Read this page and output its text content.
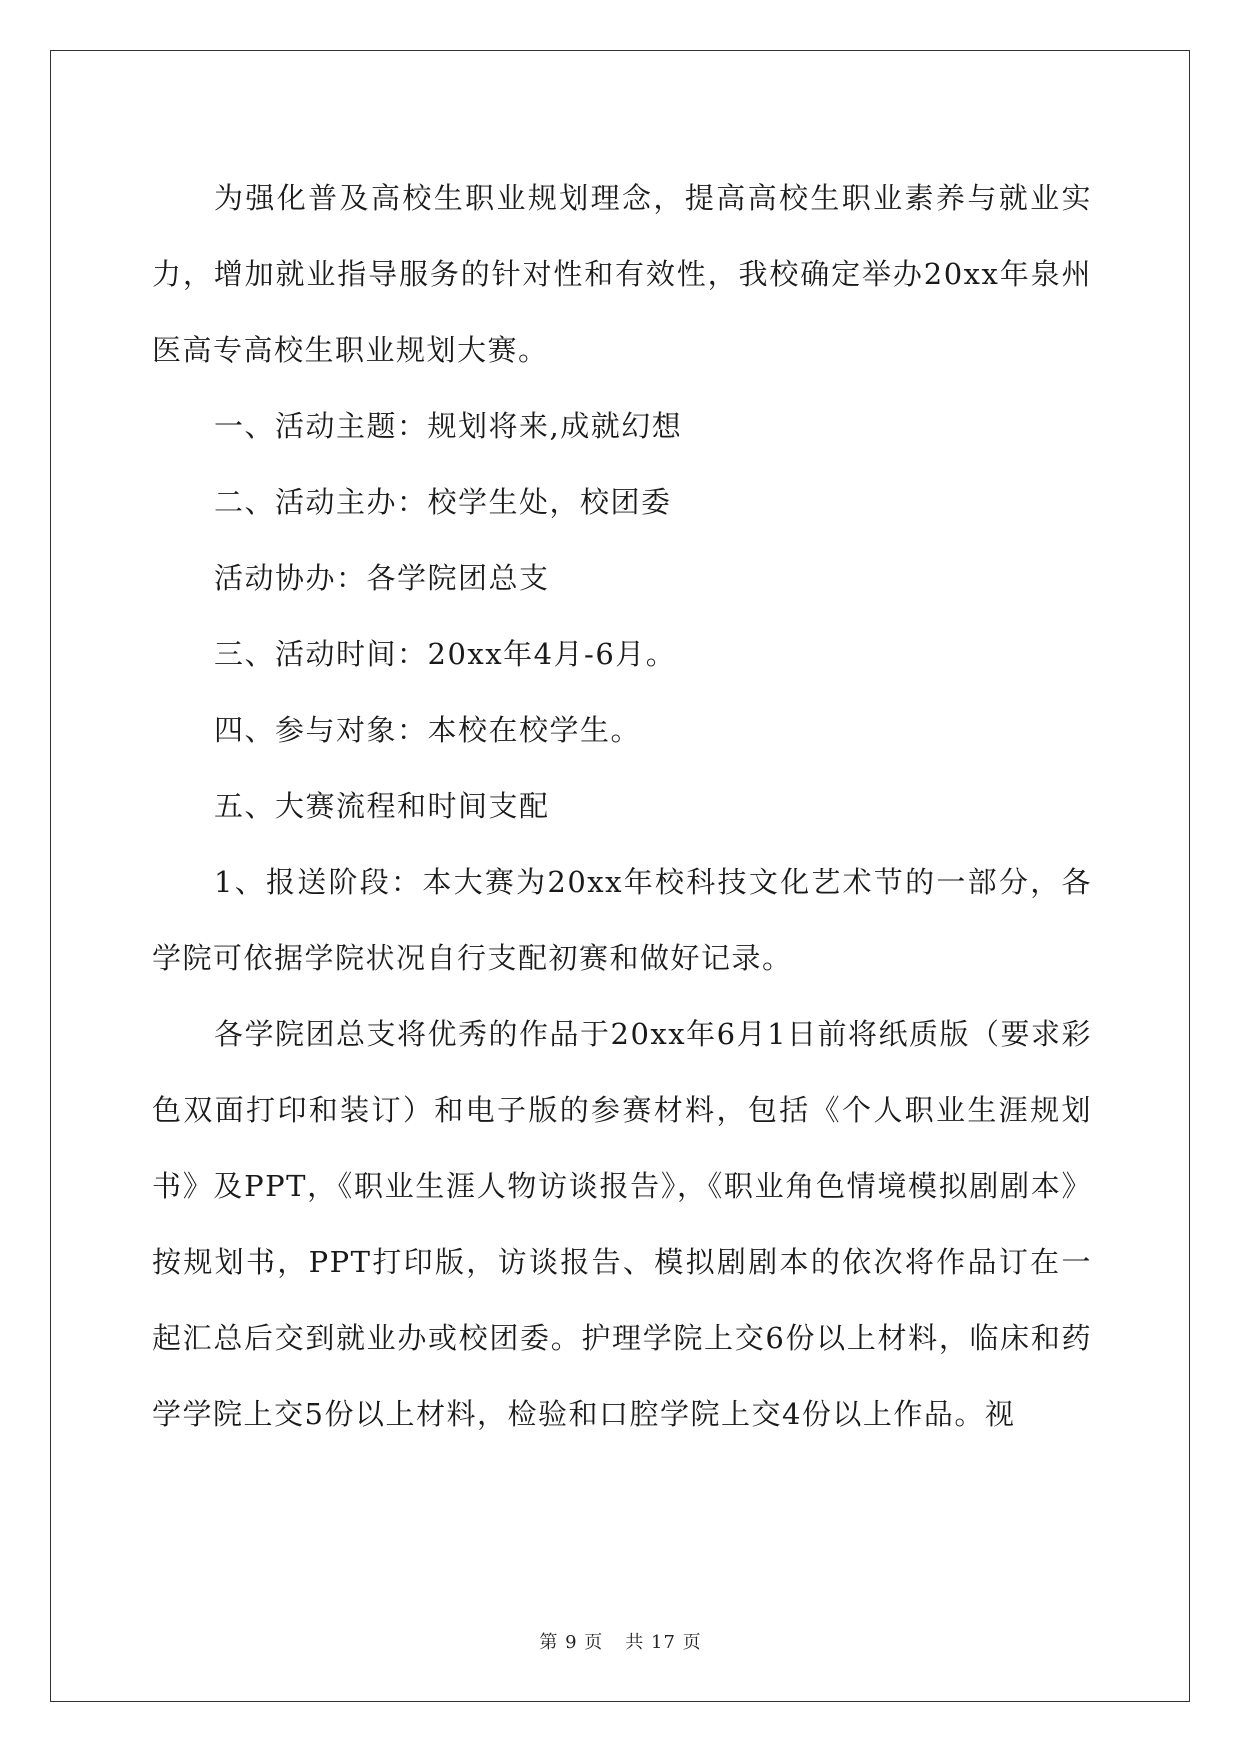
为强化普及高校生职业规划理念，提高高校生职业素养与就业实力，增加就业指导服务的针对性和有效性，我校确定举办20xx年泉州医高专高校生职业规划大赛。

一、活动主题：规划将来,成就幻想

二、活动主办：校学生处，校团委

活动协办：各学院团总支

三、活动时间：20xx年4月-6月。

四、参与对象：本校在校学生。

五、大赛流程和时间支配

1、报送阶段：本大赛为20xx年校科技文化艺术节的一部分，各学院可依据学院状况自行支配初赛和做好记录。

各学院团总支将优秀的作品于20xx年6月1日前将纸质版（要求彩色双面打印和装订）和电子版的参赛材料，包括《个人职业生涯规划书》及PPT，《职业生涯人物访谈报告》，《职业角色情境模拟剧剧本》按规划书，PPT打印版，访谈报告、模拟剧剧本的依次将作品订在一起汇总后交到就业办或校团委。护理学院上交6份以上材料，临床和药学学院上交5份以上材料，检验和口腔学院上交4份以上作品。视

第 9 页 共 17 页
